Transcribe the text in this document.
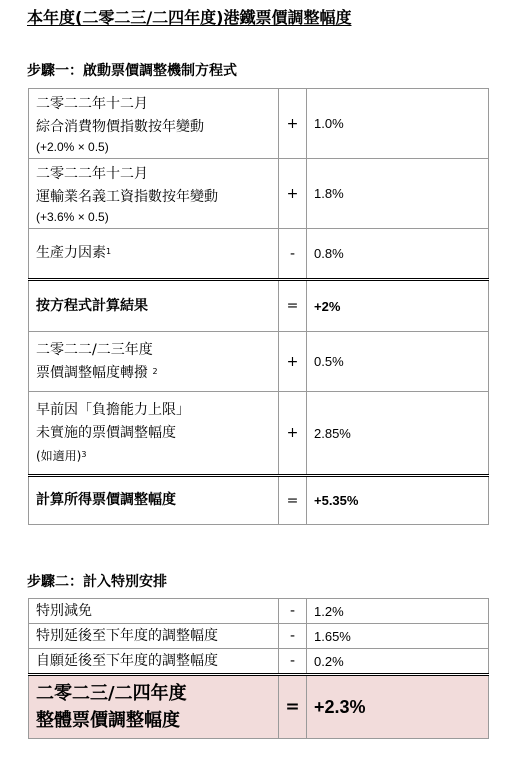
本年度(二零二三/二四年度)港鐵票價調整幅度
步驟一：啟動票價調整機制方程式
二零二二年十二月
綜合消費物價指數按年變動
(+2.0% × 0.5)	+	1.0%

二零二二年十二月
運輸業名義工資指數按年變動
(+3.6% × 0.5)	+	1.8%
生產力因素$^1$	-	0.8%
按方程式計算結果	=	+2%

二零二二/二三年度
票價調整幅度轉撥 $^2$	+	0.5%

早前因「負擔能力上限」
未實施的票價調整幅度
(如適用)$^3$	+	2.85%
計算所得票價調整幅度	=	+5.35%
步驟二：計入特別安排
特別減免	-	1.2%
特別延後至下年度的調整幅度	-	1.65%
自願延後至下年度的調整幅度	-	0.2%

二零二三/二四年度
整體票價調整幅度	=	+2.3%
